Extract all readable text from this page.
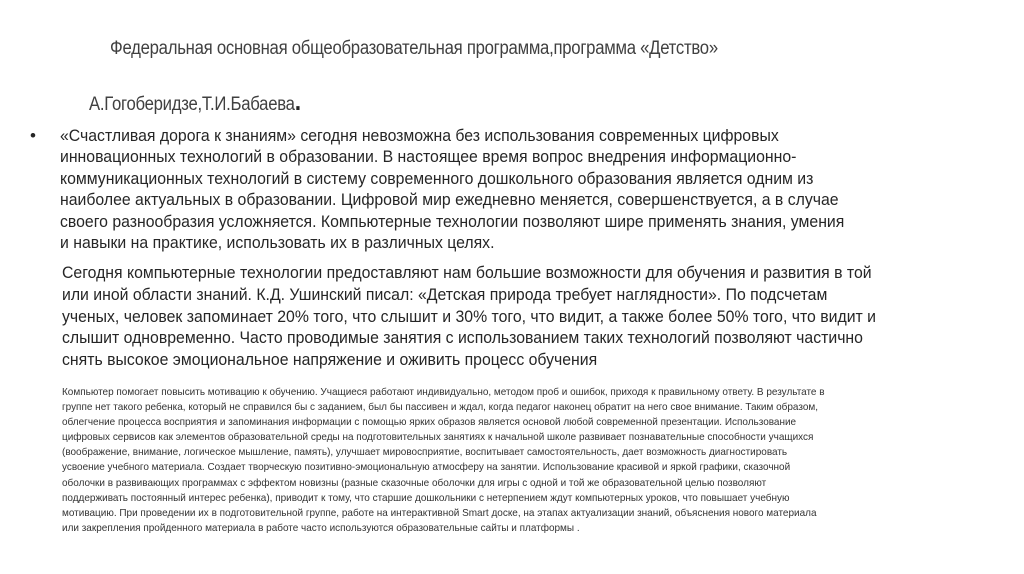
Федеральная основная общеобразовательная программа,программа «Детство»
А.Гогоберидзе,Т.И.Бабаева.
• «Счастливая дорога к знаниям» сегодня невозможна без использования современных цифровых
инновационных технологий в образовании. В настоящее время вопрос внедрения информационно-
коммуникационных технологий в систему современного дошкольного образования является одним из
наиболее актуальных в образовании. Цифровой мир ежедневно меняется, совершенствуется, а в случае
своего разнообразия усложняется. Компьютерные технологии позволяют шире применять знания, умения
и навыки на практике, использовать их в различных целях.
Сегодня компьютерные технологии предоставляют нам большие возможности для обучения и развития в той
или иной области знаний. К.Д. Ушинский писал: «Детская природа требует наглядности». По подсчетам
ученых, человек запоминает 20% того, что слышит и 30% того, что видит, а также более 50% того, что видит и
слышит одновременно. Часто проводимые занятия с использованием таких технологий позволяют частично
снять высокое эмоциональное напряжение и оживить процесс обучения
Компьютер помогает повысить мотивацию к обучению. Учащиеся работают индивидуально, методом проб и ошибок, приходя к правильному ответу. В результате в
группе нет такого ребенка, который не справился бы с заданием, был бы пассивен и ждал, когда педагог наконец обратит на него свое внимание. Таким образом,
облегчение процесса восприятия и запоминания информации с помощью ярких образов является основой любой современной презентации. Использование
цифровых сервисов как элементов образовательной среды на подготовительных занятиях к начальной школе развивает познавательные способности учащихся
(воображение, внимание, логическое мышление, память), улучшает мировосприятие, воспитывает самостоятельность, дает возможность диагностировать
усвоение учебного материала. Создает творческую позитивно-эмоциональную атмосферу на занятии. Использование красивой и яркой графики, сказочной
оболочки в развивающих программах с эффектом новизны (разные сказочные оболочки для игры с одной и той же образовательной целью позволяют
поддерживать постоянный интерес ребенка), приводит к тому, что старшие дошкольники с нетерпением ждут компьютерных уроков, что повышает учебную
мотивацию. При проведении их в подготовительной группе, работе на интерактивной Smart доске, на этапах актуализации знаний, объяснения нового материала
или закрепления пройденного материала в работе часто используются образовательные сайты и платформы .
